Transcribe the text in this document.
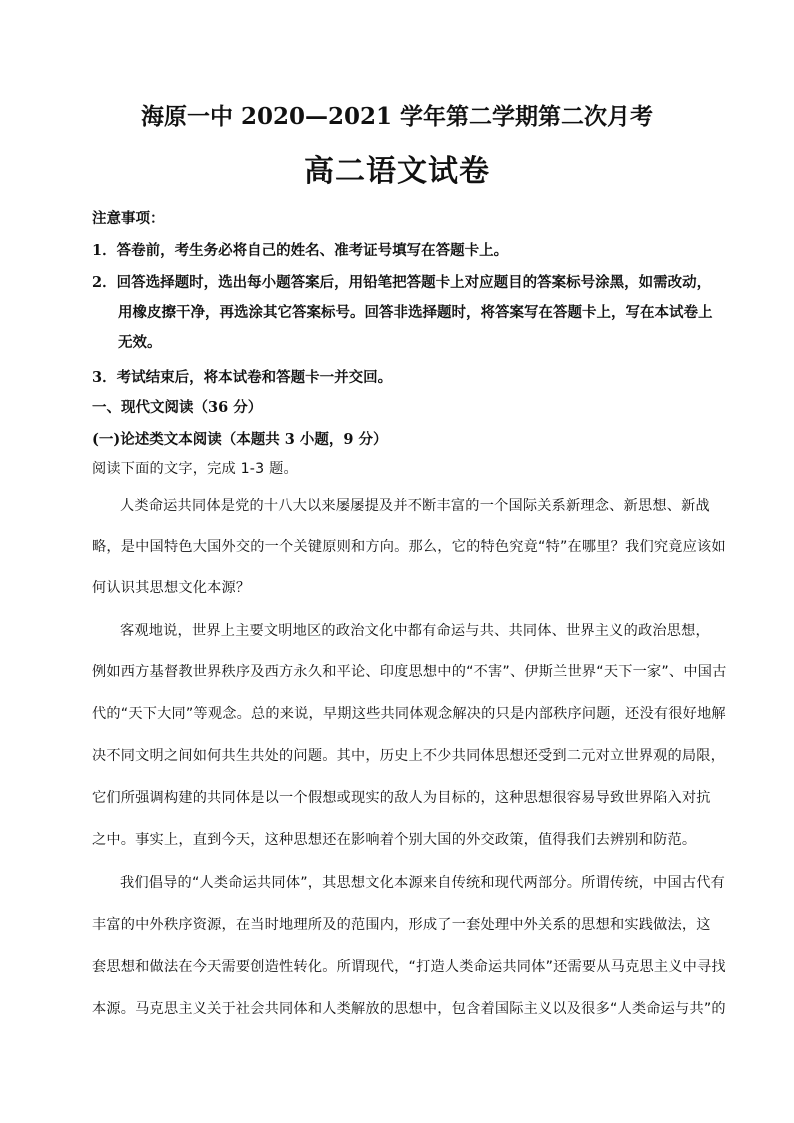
海原一中 2020—2021 学年第二学期第二次月考
高二语文试卷
注意事项：
1．答卷前，考生务必将自己的姓名、准考证号填写在答题卡上。
2．回答选择题时，选出每小题答案后，用铅笔把答题卡上对应题目的答案标号涂黑，如需改动，
用橡皮擦干净，再选涂其它答案标号。回答非选择题时，将答案写在答题卡上，写在本试卷上
无效。
3．考试结束后，将本试卷和答题卡一并交回。
一、现代文阅读（36 分）
(一)论述类文本阅读（本题共 3 小题，9 分）
阅读下面的文字，完成 1-3 题。
人类命运共同体是党的十八大以来屡屡提及并不断丰富的一个国际关系新理念、新思想、新战
略，是中国特色大国外交的一个关键原则和方向。那么，它的特色究竟“特”在哪里？我们究竟应该如
何认识其思想文化本源？
客观地说，世界上主要文明地区的政治文化中都有命运与共、共同体、世界主义的政治思想，
例如西方基督教世界秩序及西方永久和平论、印度思想中的“不害”、伊斯兰世界“天下一家”、中国古
代的“天下大同”等观念。总的来说，早期这些共同体观念解决的只是内部秩序问题，还没有很好地解
决不同文明之间如何共生共处的问题。其中，历史上不少共同体思想还受到二元对立世界观的局限，
它们所强调构建的共同体是以一个假想或现实的敌人为目标的，这种思想很容易导致世界陷入对抗
之中。事实上，直到今天，这种思想还在影响着个别大国的外交政策，值得我们去辨别和防范。
我们倡导的“人类命运共同体”，其思想文化本源来自传统和现代两部分。所谓传统，中国古代有
丰富的中外秩序资源，在当时地理所及的范围内，形成了一套处理中外关系的思想和实践做法，这
套思想和做法在今天需要创造性转化。所谓现代，“打造人类命运共同体”还需要从马克思主义中寻找
本源。马克思主义关于社会共同体和人类解放的思想中，包含着国际主义以及很多“人类命运与共”的
